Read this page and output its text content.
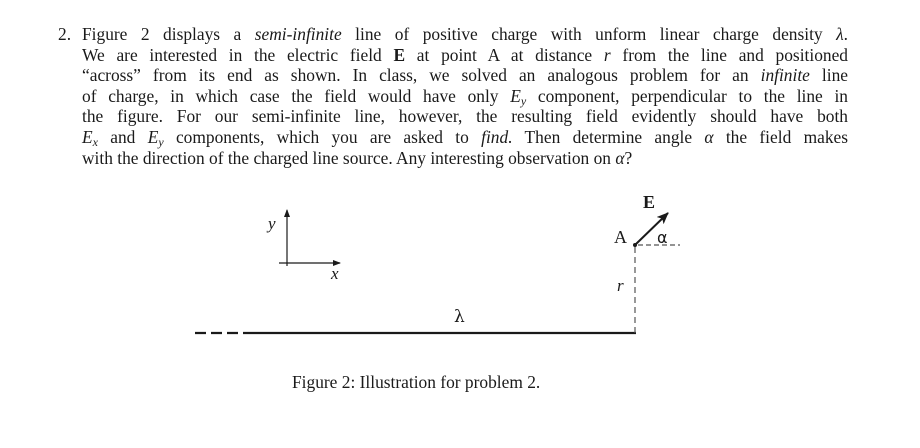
2. Figure 2 displays a semi-infinite line of positive charge with unform linear charge density λ.
We are interested in the electric field E at point A at distance r from the line and positioned
“across” from its end as shown. In class, we solved an analogous problem for an infinite line
of charge, in which case the field would have only $E_y$ component, perpendicular to the line in
the figure. For our semi-infinite line, however, the resulting field evidently should have both
$E_x$ and $E_y$ components, which you are asked to find. Then determine angle α the field makes
with the direction of the charged line source. Any interesting observation on α?
y
x
λ
r
A
E
α
Figure 2: Illustration for problem 2.
